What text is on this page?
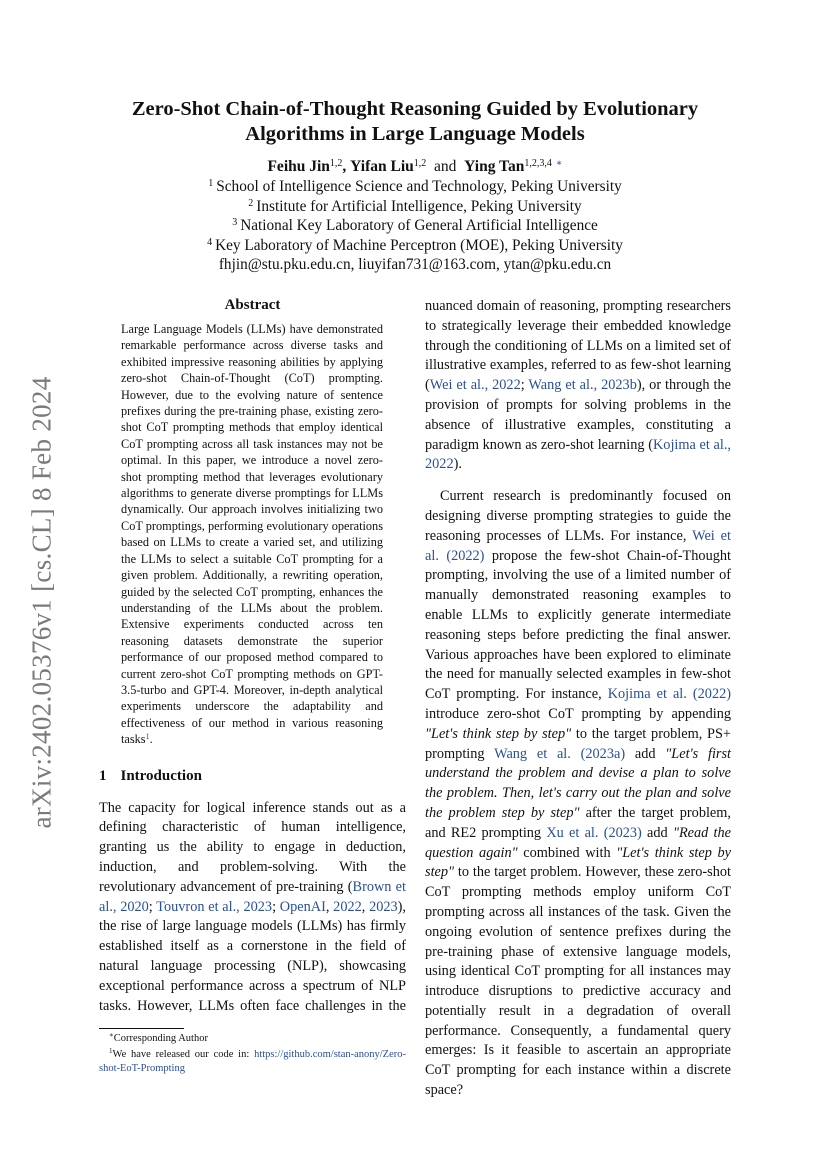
arXiv:2402.05376v1 [cs.CL] 8 Feb 2024
Zero-Shot Chain-of-Thought Reasoning Guided by Evolutionary
Algorithms in Large Language Models
Feihu Jin$^{1,2}$, Yifan Liu$^{1,2}$ and Ying Tan$^{1,2,3,4}$ ∗
$^1$ School of Intelligence Science and Technology, Peking University
$^2$ Institute for Artificial Intelligence, Peking University
$^3$ National Key Laboratory of General Artificial Intelligence
$^4$ Key Laboratory of Machine Perceptron (MOE), Peking University
fhjin@stu.pku.edu.cn, liuyifan731@163.com, ytan@pku.edu.cn
Abstract

Large Language Models (LLMs) have demonstrated remarkable performance across diverse tasks and exhibited impressive reasoning abilities by applying zero-shot Chain-of-Thought (CoT) prompting. However, due to the evolving nature of sentence prefixes during the pre-training phase, existing zero-shot CoT prompting methods that employ identical CoT prompting across all task instances may not be optimal. In this paper, we introduce a novel zero-shot prompting method that leverages evolutionary algorithms to generate diverse promptings for LLMs dynamically. Our approach involves initializing two CoT promptings, performing evolutionary operations based on LLMs to create a varied set, and utilizing the LLMs to select a suitable CoT prompting for a given problem. Additionally, a rewriting operation, guided by the selected CoT prompting, enhances the understanding of the LLMs about the problem. Extensive experiments conducted across ten reasoning datasets demonstrate the superior performance of our proposed method compared to current zero-shot CoT prompting methods on GPT-3.5-turbo and GPT-4. Moreover, in-depth analytical experiments underscore the adaptability and effectiveness of our method in various reasoning tasks$^1$.

1 Introduction

The capacity for logical inference stands out as a defining characteristic of human intelligence, granting us the ability to engage in deduction, induction, and problem-solving. With the revolutionary advancement of pre-training (Brown et al., 2020; Touvron et al., 2023; OpenAI, 2022, 2023), the rise of large language models (LLMs) has firmly established itself as a cornerstone in the field of natural language processing (NLP), showcasing exceptional performance across a spectrum of NLP tasks. However, LLMs often face challenges in the

nuanced domain of reasoning, prompting researchers to strategically leverage their embedded knowledge through the conditioning of LLMs on a limited set of illustrative examples, referred to as few-shot learning (Wei et al., 2022; Wang et al., 2023b), or through the provision of prompts for solving problems in the absence of illustrative examples, constituting a paradigm known as zero-shot learning (Kojima et al., 2022).

Current research is predominantly focused on designing diverse prompting strategies to guide the reasoning processes of LLMs. For instance, Wei et al. (2022) propose the few-shot Chain-of-Thought prompting, involving the use of a limited number of manually demonstrated reasoning examples to enable LLMs to explicitly generate intermediate reasoning steps before predicting the final answer. Various approaches have been explored to eliminate the need for manually selected examples in few-shot CoT prompting. For instance, Kojima et al. (2022) introduce zero-shot CoT prompting by appending "Let's think step by step" to the target problem, PS+ prompting Wang et al. (2023a) add "Let's first understand the problem and devise a plan to solve the problem. Then, let's carry out the plan and solve the problem step by step" after the target problem, and RE2 prompting Xu et al. (2023) add "Read the question again" combined with "Let's think step by step" to the target problem. However, these zero-shot CoT prompting methods employ uniform CoT prompting across all instances of the task. Given the ongoing evolution of sentence prefixes during the pre-training phase of extensive language models, using identical CoT prompting for all instances may introduce disruptions to predictive accuracy and potentially result in a degradation of overall performance. Consequently, a fundamental query emerges: Is it feasible to ascertain an appropriate CoT prompting for each instance within a discrete space?

∗Corresponding Author

$^1$We have released our code in: https://github.com/stan-anony/Zero-shot-EoT-Prompting
